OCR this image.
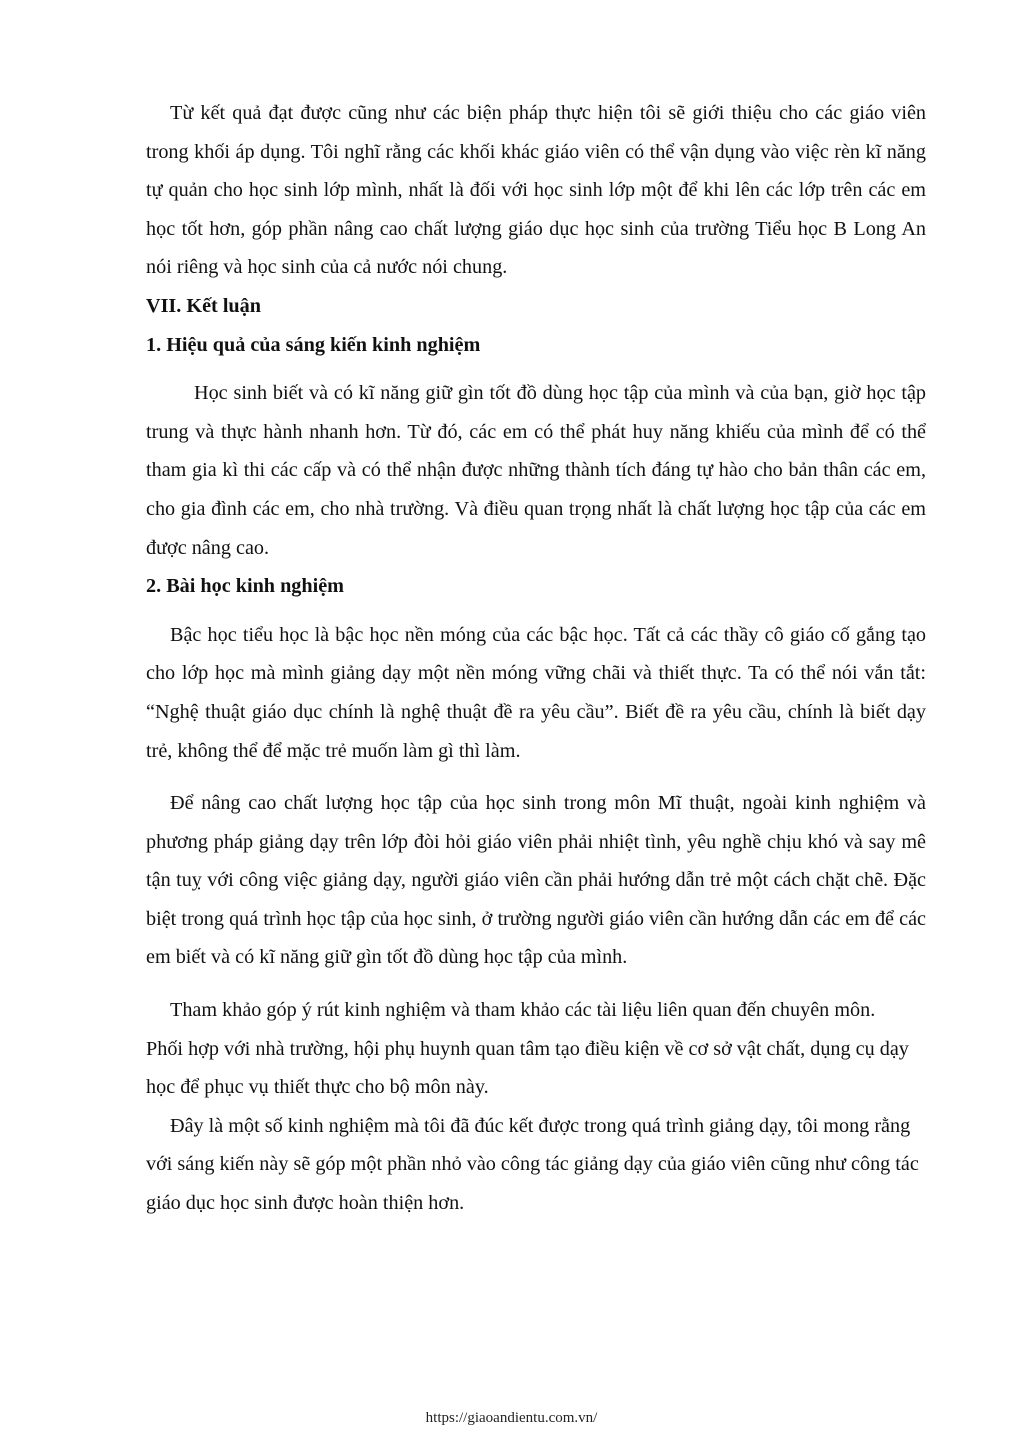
Từ kết quả đạt được cũng như các biện pháp thực hiện tôi sẽ giới thiệu cho các giáo viên trong khối áp dụng. Tôi nghĩ rằng các khối khác giáo viên có thể vận dụng vào việc rèn kĩ năng tự quản cho học sinh lớp mình, nhất là đối với học sinh lớp một để khi lên các lớp trên các em học tốt hơn, góp phần nâng cao chất lượng giáo dục học sinh của trường Tiểu học B Long An nói riêng và học sinh của cả nước nói chung.

VII. Kết luận

1. Hiệu quả của sáng kiến kinh nghiệm

Học sinh biết và có kĩ năng giữ gìn tốt đồ dùng học tập của mình và của bạn, giờ học tập trung và thực hành nhanh hơn. Từ đó, các em có thể phát huy năng khiếu của mình để có thể tham gia kì thi các cấp và có thể nhận được những thành tích đáng tự hào cho bản thân các em, cho gia đình các em, cho nhà trường. Và điều quan trọng nhất là chất lượng học tập của các em được nâng cao.

2. Bài học kinh nghiệm

Bậc học tiểu học là bậc học nền móng của các bậc học. Tất cả các thầy cô giáo cố gắng tạo cho lớp học mà mình giảng dạy một nền móng vững chãi và thiết thực. Ta có thể nói vắn tắt: “Nghệ thuật giáo dục chính là nghệ thuật đề ra yêu cầu”. Biết đề ra yêu cầu, chính là biết dạy trẻ, không thể để mặc trẻ muốn làm gì thì làm.

Để nâng cao chất lượng học tập của học sinh trong môn Mĩ thuật, ngoài kinh nghiệm và phương pháp giảng dạy trên lớp đòi hỏi giáo viên phải nhiệt tình, yêu nghề chịu khó và say mê tận tuỵ với công việc giảng dạy, người giáo viên cần phải hướng dẫn trẻ một cách chặt chẽ. Đặc biệt trong quá trình học tập của học sinh, ở trường người giáo viên cần hướng dẫn các em để các em biết và có kĩ năng giữ gìn tốt đồ dùng học tập của mình.

Tham khảo góp ý rút kinh nghiệm và tham khảo các tài liệu liên quan đến chuyên môn.

Phối hợp với nhà trường, hội phụ huynh quan tâm tạo điều kiện về cơ sở vật chất, dụng cụ dạy học để phục vụ thiết thực cho bộ môn này.

Đây là một số kinh nghiệm mà tôi đã đúc kết được trong quá trình giảng dạy, tôi mong rằng với sáng kiến này sẽ góp một phần nhỏ vào công tác giảng dạy của giáo viên cũng như công tác giáo dục học sinh được hoàn thiện hơn.

https://giaoandientu.com.vn/
